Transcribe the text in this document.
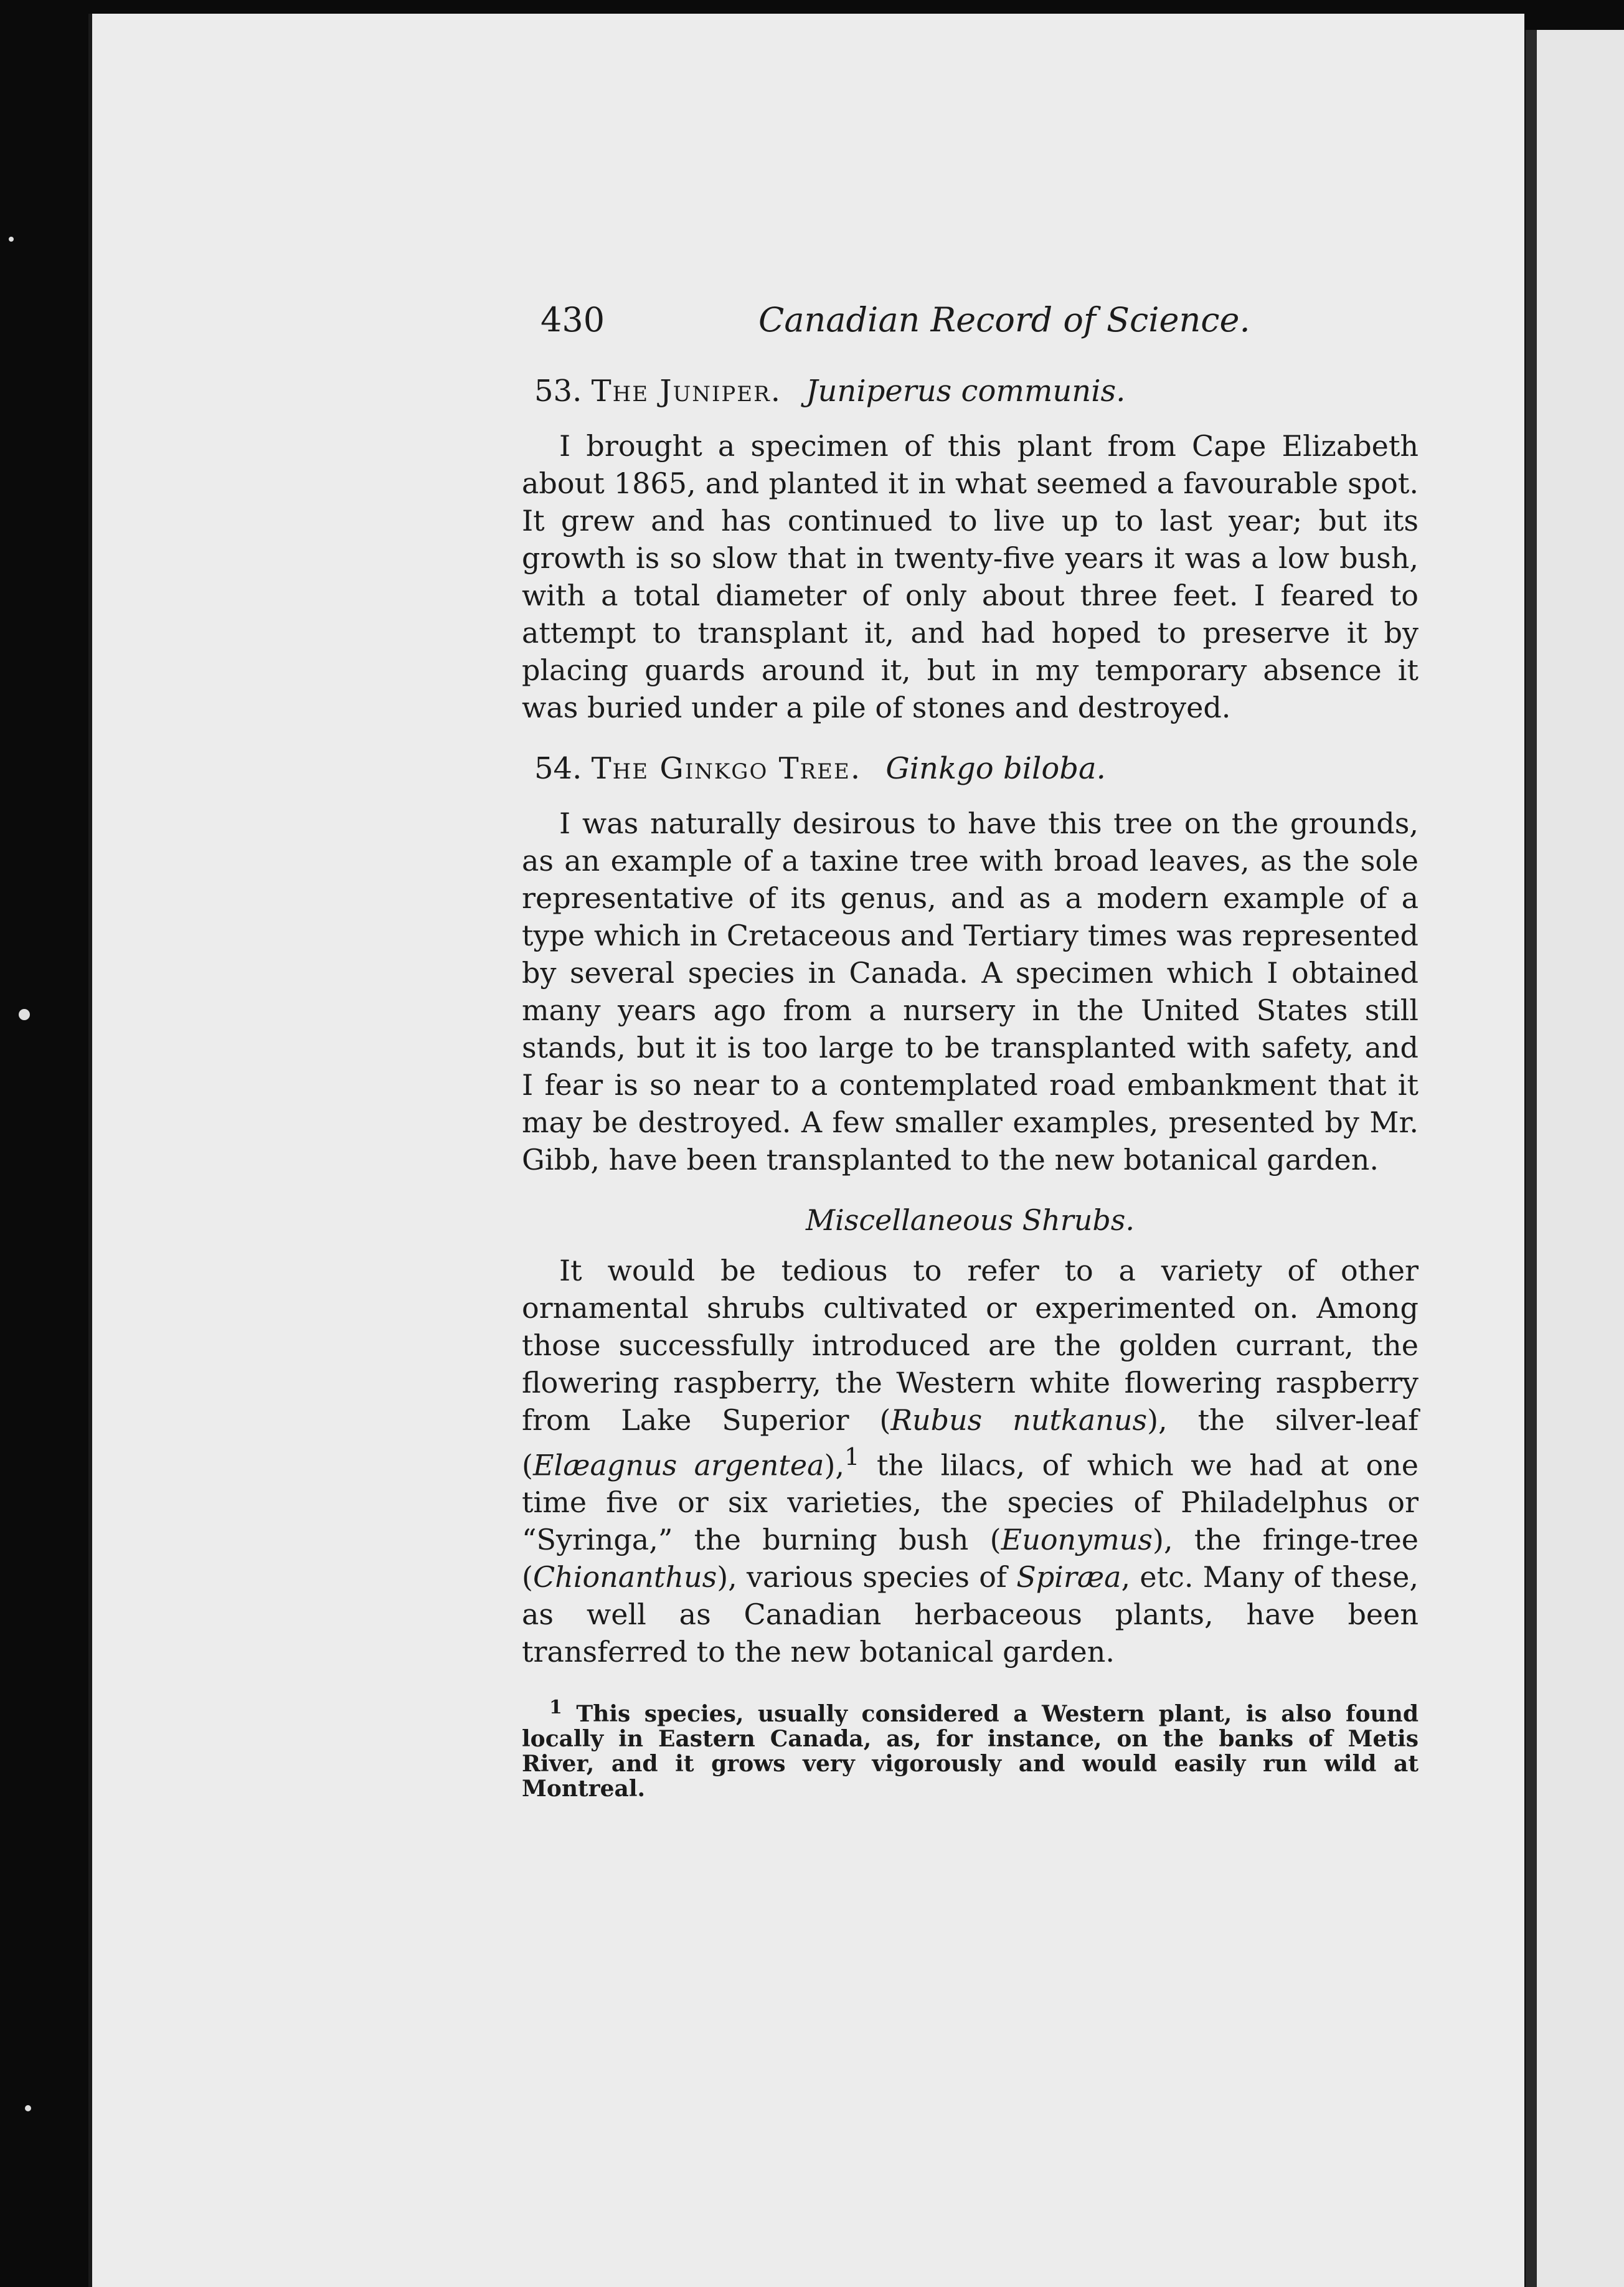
430	Canadian Record of Science.
53. The Juniper. Juniperus communis.

I brought a specimen of this plant from Cape Elizabeth about 1865, and planted it in what seemed a favourable spot. It grew and has continued to live up to last year; but its growth is so slow that in twenty-five years it was a low bush, with a total diameter of only about three feet. I feared to attempt to transplant it, and had hoped to preserve it by placing guards around it, but in my temporary absence it was buried under a pile of stones and destroyed.

54. The Ginkgo Tree. Ginkgo biloba.

I was naturally desirous to have this tree on the grounds, as an example of a taxine tree with broad leaves, as the sole representative of its genus, and as a modern example of a type which in Cretaceous and Tertiary times was represented by several species in Canada. A specimen which I obtained many years ago from a nursery in the United States still stands, but it is too large to be transplanted with safety, and I fear is so near to a contemplated road embankment that it may be destroyed. A few smaller examples, presented by Mr. Gibb, have been transplanted to the new botanical garden.

Miscellaneous Shrubs.

It would be tedious to refer to a variety of other ornamental shrubs cultivated or experimented on. Among those successfully introduced are the golden currant, the flowering raspberry, the Western white flowering raspberry from Lake Superior (Rubus nutkanus), the silver-leaf (Elæagnus argentea),$^1$ the lilacs, of which we had at one time five or six varieties, the species of Philadelphus or “Syringa,” the burning bush (Euonymus), the fringe-tree (Chionanthus), various species of Spiræa, etc. Many of these, as well as Canadian herbaceous plants, have been transferred to the new botanical garden.

$^1$ This species, usually considered a Western plant, is also found locally in Eastern Canada, as, for instance, on the banks of Metis River, and it grows very vigorously and would easily run wild at Montreal.
